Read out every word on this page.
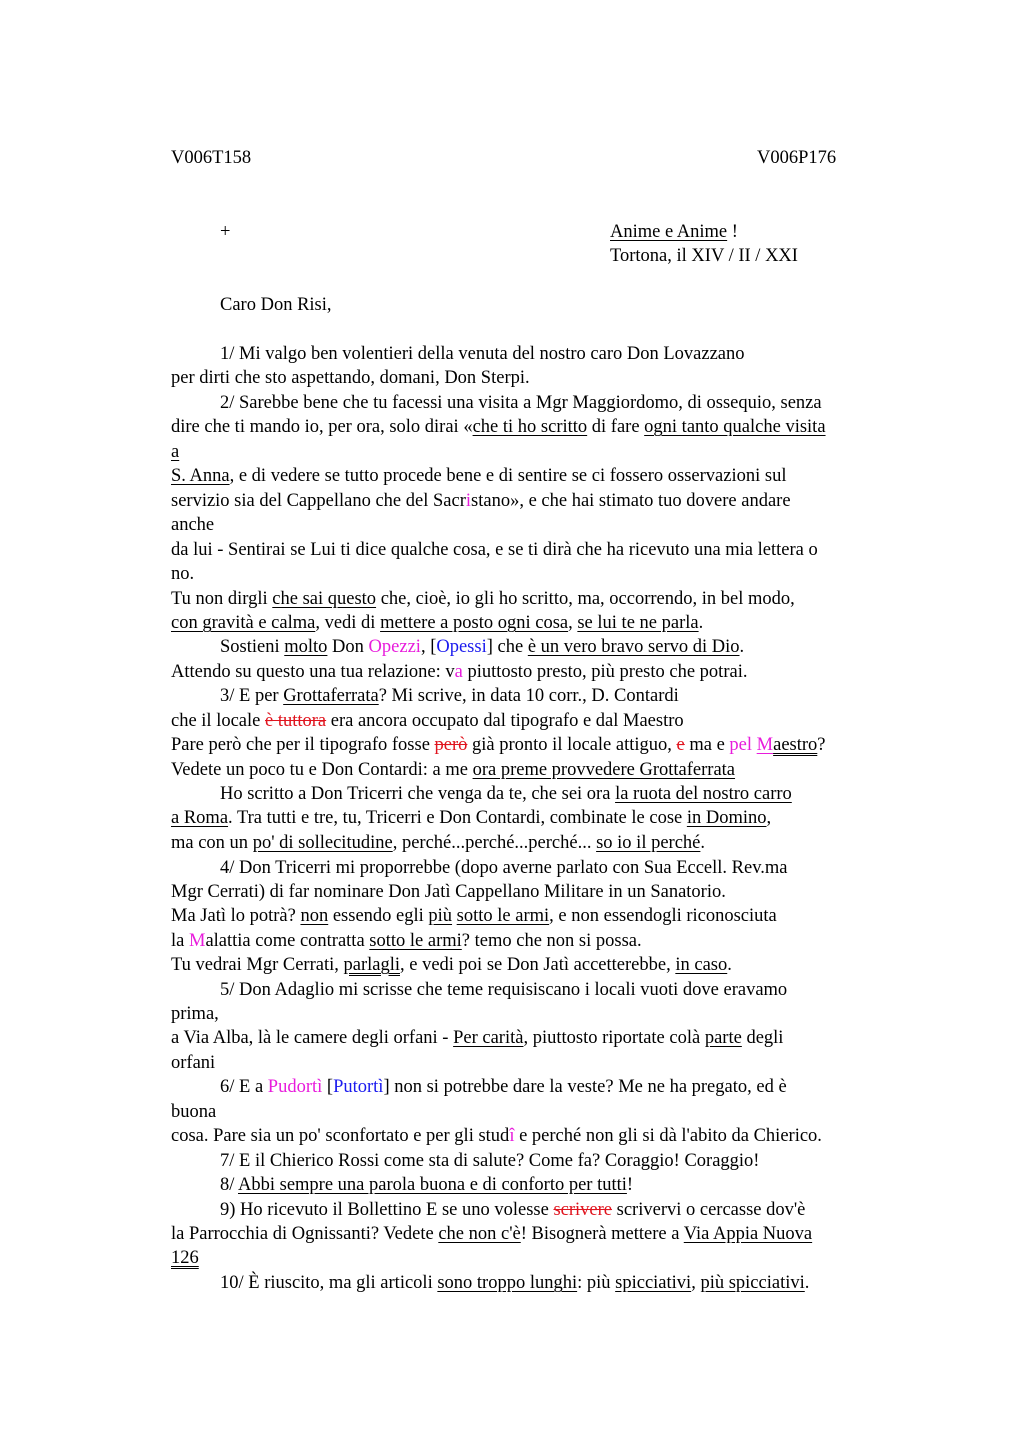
V006T158	V006P176
+	Anime e Anime !
Tortona, il XIV / II / XXI
Caro Don Risi,
1/ Mi valgo ben volentieri della venuta del nostro caro Don Lovazzano
per dirti che sto aspettando, domani, Don Sterpi.
2/ Sarebbe bene che tu facessi una visita a Mgr Maggiordomo, di ossequio, senza
dire che ti mando io, per ora, solo dirai «che ti ho scritto di fare ogni tanto qualche visita
a
S. Anna, e di vedere se tutto procede bene e di sentire se ci fossero osservazioni sul
servizio sia del Cappellano che del Sacristano», e che hai stimato tuo dovere andare
anche
da lui - Sentirai se Lui ti dice qualche cosa, e se ti dirà che ha ricevuto una mia lettera o
no.
Tu non dirgli che sai questo che, cioè, io gli ho scritto, ma, occorrendo, in bel modo,
con gravità e calma, vedi di mettere a posto ogni cosa, se lui te ne parla.
Sostieni molto Don Opezzi, [Opessi] che è un vero bravo servo di Dio.
Attendo su questo una tua relazione: va piuttosto presto, più presto che potrai.
3/ E per Grottaferrata? Mi scrive, in data 10 corr., D. Contardi
che il locale è tuttora era ancora occupato dal tipografo e dal Maestro
Pare però che per il tipografo fosse però già pronto il locale attiguo, e ma e pel Maestro?
Vedete un poco tu e Don Contardi: a me ora preme provvedere Grottaferrata
Ho scritto a Don Tricerri che venga da te, che sei ora la ruota del nostro carro
a Roma. Tra tutti e tre, tu, Tricerri e Don Contardi, combinate le cose in Domino,
ma con un po' di sollecitudine, perché...perché...perché... so io il perché.
4/ Don Tricerri mi proporrebbe (dopo averne parlato con Sua Eccell. Rev.ma
Mgr Cerrati) di far nominare Don Jatì Cappellano Militare in un Sanatorio.
Ma Jatì lo potrà? non essendo egli più sotto le armi, e non essendogli riconosciuta
la Malattia come contratta sotto le armi? temo che non si possa.
Tu vedrai Mgr Cerrati, parlagli, e vedi poi se Don Jatì accetterebbe, in caso.
5/ Don Adaglio mi scrisse che teme requisiscano i locali vuoti dove eravamo
prima,
a Via Alba, là le camere degli orfani - Per carità, piuttosto riportate colà parte degli
orfani
6/ E a Pudortì [Putortì] non si potrebbe dare la veste? Me ne ha pregato, ed è
buona
cosa. Pare sia un po' sconfortato e per gli studî e perché non gli si dà l'abito da Chierico.
7/ E il Chierico Rossi come sta di salute? Come fa? Coraggio! Coraggio!
8/ Abbi sempre una parola buona e di conforto per tutti!
9) Ho ricevuto il Bollettino E se uno volesse scrivere scrivervi o cercasse dov'è
la Parrocchia di Ognissanti? Vedete che non c'è! Bisognerà mettere a Via Appia Nuova
126
10/ È riuscito, ma gli articoli sono troppo lunghi: più spicciativi, più spicciativi.
